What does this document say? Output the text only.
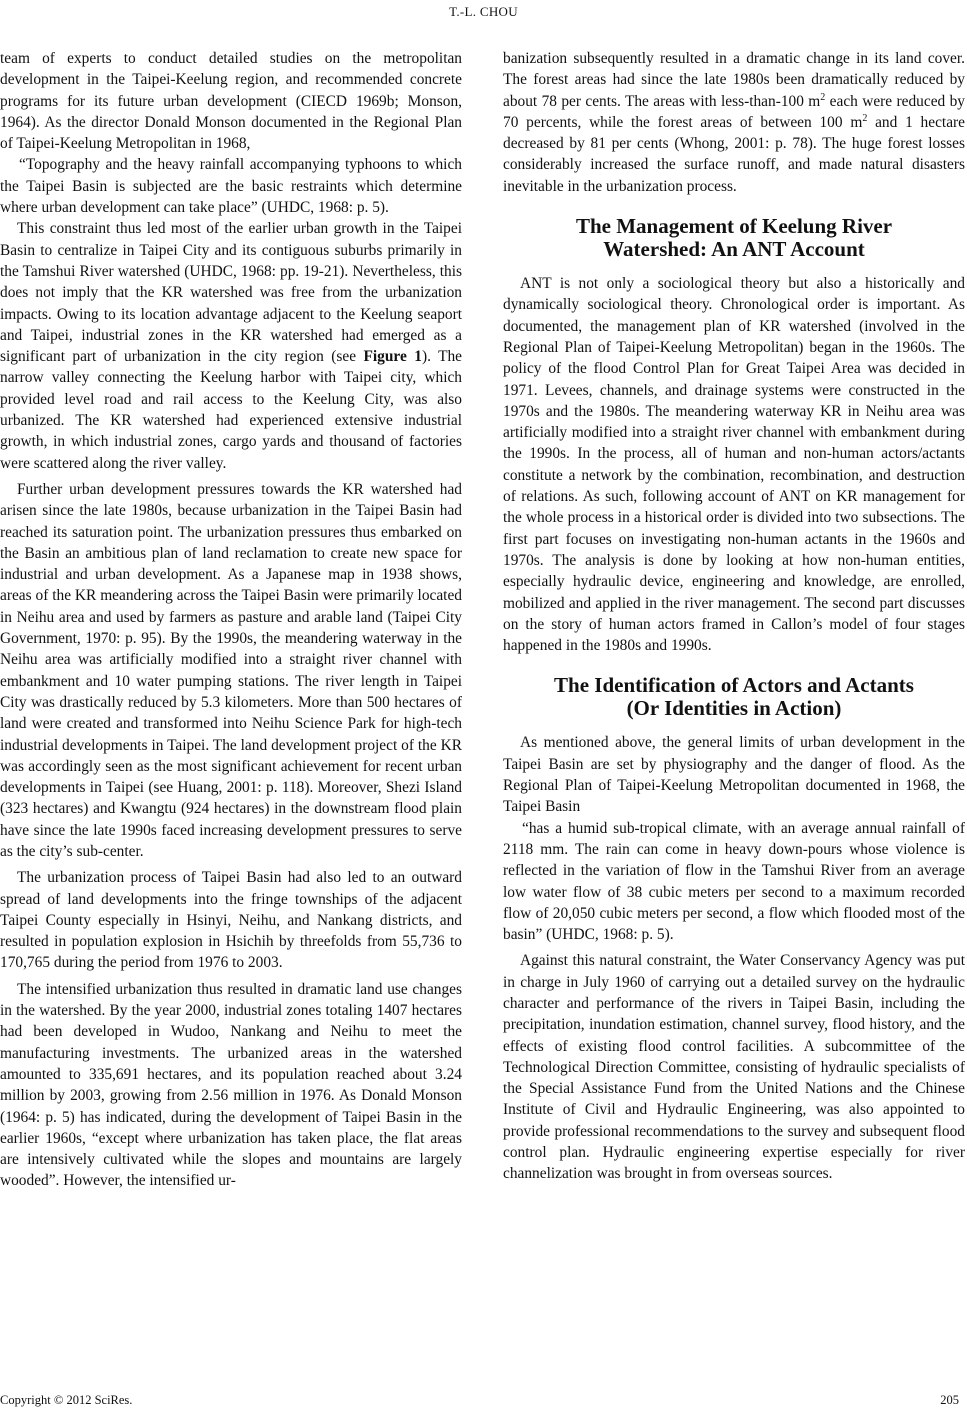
T.-L. CHOU

team of experts to conduct detailed studies on the metropolitan development in the Taipei-Keelung region, and recommended concrete programs for its future urban development (CIECD 1969b; Monson, 1964). As the director Donald Monson documented in the Regional Plan of Taipei-Keelung Metropolitan in 1968,

“Topography and the heavy rainfall accompanying typhoons to which the Taipei Basin is subjected are the basic restraints which determine where urban development can take place” (UHDC, 1968: p. 5).

This constraint thus led most of the earlier urban growth in the Taipei Basin to centralize in Taipei City and its contiguous suburbs primarily in the Tamshui River watershed (UHDC, 1968: pp. 19-21). Nevertheless, this does not imply that the KR watershed was free from the urbanization impacts. Owing to its location advantage adjacent to the Keelung seaport and Taipei, industrial zones in the KR watershed had emerged as a significant part of urbanization in the city region (see Figure 1). The narrow valley connecting the Keelung harbor with Taipei city, which provided level road and rail access to the Keelung City, was also urbanized. The KR watershed had experienced extensive industrial growth, in which industrial zones, cargo yards and thousand of factories were scattered along the river valley.

Further urban development pressures towards the KR watershed had arisen since the late 1980s, because urbanization in the Taipei Basin had reached its saturation point. The urbanization pressures thus embarked on the Basin an ambitious plan of land reclamation to create new space for industrial and urban development. As a Japanese map in 1938 shows, areas of the KR meandering across the Taipei Basin were primarily located in Neihu area and used by farmers as pasture and arable land (Taipei City Government, 1970: p. 95). By the 1990s, the meandering waterway in the Neihu area was artificially modified into a straight river channel with embankment and 10 water pumping stations. The river length in Taipei City was drastically reduced by 5.3 kilometers. More than 500 hectares of land were created and transformed into Neihu Science Park for high-tech industrial developments in Taipei. The land development project of the KR was accordingly seen as the most significant achievement for recent urban developments in Taipei (see Huang, 2001: p. 118). Moreover, Shezi Island (323 hectares) and Kwangtu (924 hectares) in the downstream flood plain have since the late 1990s faced increasing development pressures to serve as the city’s sub-center.

The urbanization process of Taipei Basin had also led to an outward spread of land developments into the fringe townships of the adjacent Taipei County especially in Hsinyi, Neihu, and Nankang districts, and resulted in population explosion in Hsichih by threefolds from 55,736 to 170,765 during the period from 1976 to 2003.

The intensified urbanization thus resulted in dramatic land use changes in the watershed. By the year 2000, industrial zones totaling 1407 hectares had been developed in Wudoo, Nankang and Neihu to meet the manufacturing investments. The urbanized areas in the watershed amounted to 335,691 hectares, and its population reached about 3.24 million by 2003, growing from 2.56 million in 1976. As Donald Monson (1964: p. 5) has indicated, during the development of Taipei Basin in the earlier 1960s, “except where urbanization has taken place, the flat areas are intensively cultivated while the slopes and mountains are largely wooded”. However, the intensified ur-

banization subsequently resulted in a dramatic change in its land cover. The forest areas had since the late 1980s been dramatically reduced by about 78 per cents. The areas with less-than-100 $m^2$ each were reduced by 70 percents, while the forest areas of between 100 $m^2$ and 1 hectare decreased by 81 per cents (Whong, 2001: p. 78). The huge forest losses considerably increased the surface runoff, and made natural disasters inevitable in the urbanization process.

The Management of Keelung River
Watershed: An ANT Account

ANT is not only a sociological theory but also a historically and dynamically sociological theory. Chronological order is important. As documented, the management plan of KR watershed (involved in the Regional Plan of Taipei-Keelung Metropolitan) began in the 1960s. The policy of the flood Control Plan for Great Taipei Area was decided in 1971. Levees, channels, and drainage systems were constructed in the 1970s and the 1980s. The meandering waterway KR in Neihu area was artificially modified into a straight river channel with embankment during the 1990s. In the process, all of human and non-human actors/actants constitute a network by the combination, recombination, and destruction of relations. As such, following account of ANT on KR management for the whole process in a historical order is divided into two subsections. The first part focuses on investigating non-human actants in the 1960s and 1970s. The analysis is done by looking at how non-human entities, especially hydraulic device, engineering and knowledge, are enrolled, mobilized and applied in the river management. The second part discusses on the story of human actors framed in Callon’s model of four stages happened in the 1980s and 1990s.

The Identification of Actors and Actants
(Or Identities in Action)

As mentioned above, the general limits of urban development in the Taipei Basin are set by physiography and the danger of flood. As the Regional Plan of Taipei-Keelung Metropolitan documented in 1968, the Taipei Basin

“has a humid sub-tropical climate, with an average annual rainfall of 2118 mm. The rain can come in heavy down-pours whose violence is reflected in the variation of flow in the Tamshui River from an average low water flow of 38 cubic meters per second to a maximum recorded flow of 20,050 cubic meters per second, a flow which flooded most of the basin” (UHDC, 1968: p. 5).

Against this natural constraint, the Water Conservancy Agency was put in charge in July 1960 of carrying out a detailed survey on the hydraulic character and performance of the rivers in Taipei Basin, including the precipitation, inundation estimation, channel survey, flood history, and the effects of existing flood control facilities. A subcommittee of the Technological Direction Committee, consisting of hydraulic specialists of the Special Assistance Fund from the United Nations and the Chinese Institute of Civil and Hydraulic Engineering, was also appointed to provide professional recommendations to the survey and subsequent flood control plan. Hydraulic engineering expertise especially for river channelization was brought in from overseas sources.

Copyright © 2012 SciRes.	205
